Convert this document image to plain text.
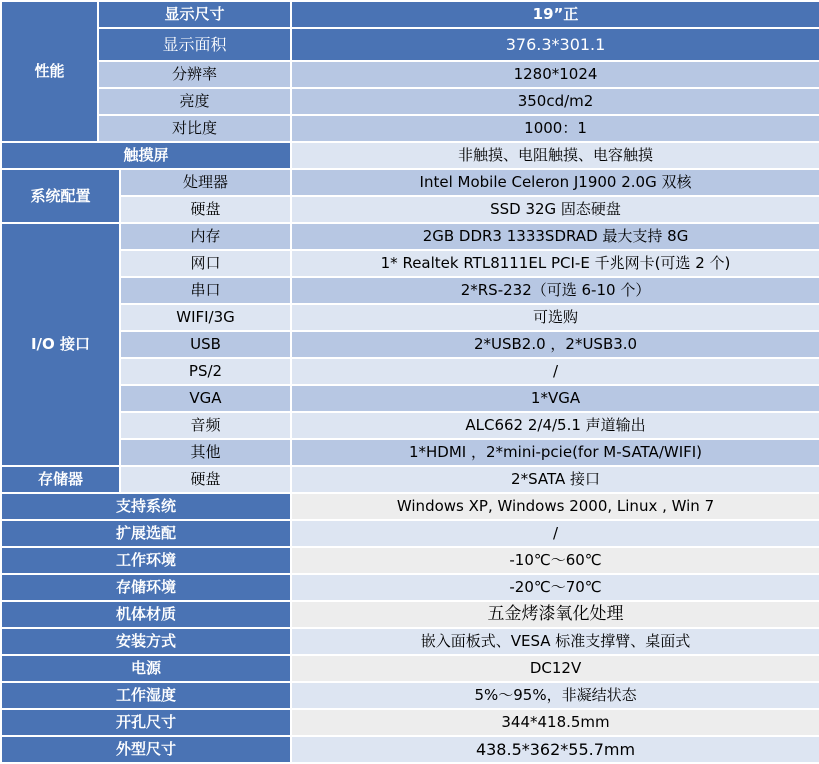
性能	显示尺寸		19”正
	显示面积		376.3*301.1
	分辨率		1280*1024
	亮度		350cd/m2
	对比度		1000：1
触摸屏			非触摸、电阻触摸、电容触摸
系统配置		处理器	Intel Mobile Celeron J1900 2.0G 双核
		硬盘	SSD 32G 固态硬盘
I/O 接口		内存	2GB DDR3 1333SDRAD 最大支持 8G
		网口	1* Realtek RTL8111EL PCI-E 千兆网卡(可选 2 个)
		串口	2*RS-232（可选 6-10 个）
		WIFI/3G	可选购
		USB	2*USB2.0 ，2*USB3.0
		PS/2	/
		VGA	1*VGA
		音频	ALC662 2/4/5.1 声道输出
		其他	1*HDMI ，2*mini-pcie(for M-SATA/WIFI)
存储器		硬盘	2*SATA 接口
支持系统			Windows XP, Windows 2000, Linux , Win 7
扩展选配			/
工作环境			-10℃～60℃
存储环境			-20℃～70℃
机体材质			五金烤漆氧化处理
安装方式			嵌入面板式、VESA 标准支撑臂、桌面式
电源			DC12V
工作湿度			5%～95%，非凝结状态
开孔尺寸			344*418.5mm
外型尺寸			438.5*362*55.7mm
